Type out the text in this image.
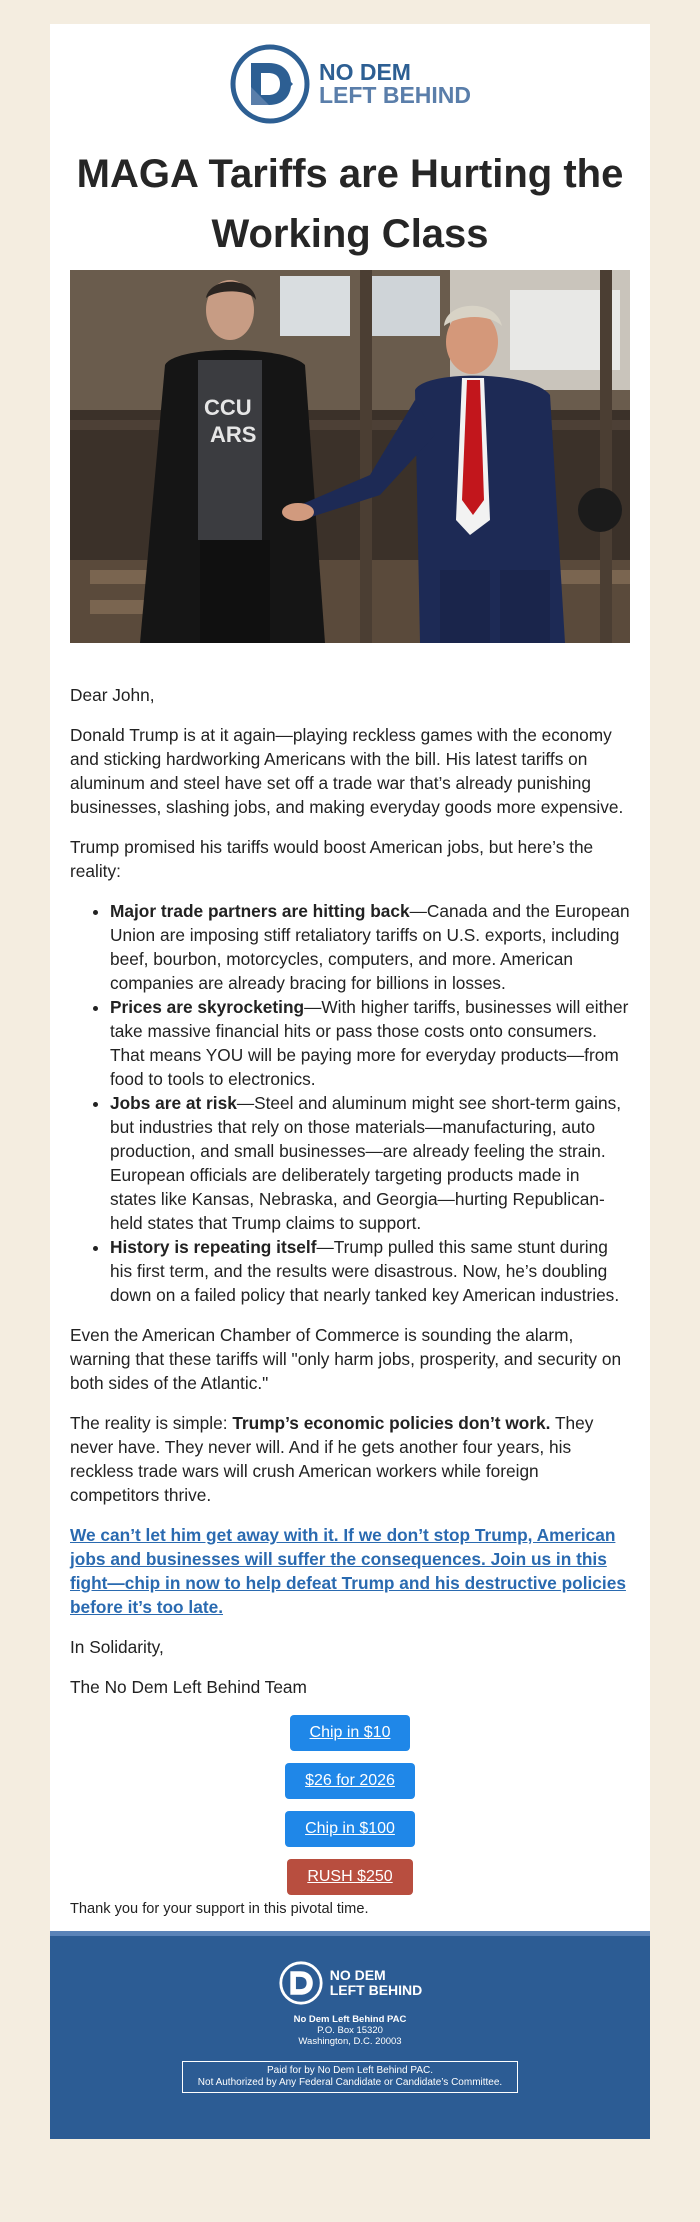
NO DEM
LEFT BEHIND
MAGA Tariffs are Hurting the Working Class
CCU
ARS

Dear John,

Donald Trump is at it again—playing reckless games with the economy and sticking hardworking Americans with the bill. His latest tariffs on aluminum and steel have set off a trade war that’s already punishing businesses, slashing jobs, and making everyday goods more expensive.

Trump promised his tariffs would boost American jobs, but here’s the reality:

• Major trade partners are hitting back—Canada and the European Union are imposing stiff retaliatory tariffs on U.S. exports, including beef, bourbon, motorcycles, computers, and more. American companies are already bracing for billions in losses.
• Prices are skyrocketing—With higher tariffs, businesses will either take massive financial hits or pass those costs onto consumers. That means YOU will be paying more for everyday products—from food to tools to electronics.
• Jobs are at risk—Steel and aluminum might see short-term gains, but industries that rely on those materials—manufacturing, auto production, and small businesses—are already feeling the strain. European officials are deliberately targeting products made in states like Kansas, Nebraska, and Georgia—hurting Republican-held states that Trump claims to support.
• History is repeating itself—Trump pulled this same stunt during his first term, and the results were disastrous. Now, he’s doubling down on a failed policy that nearly tanked key American industries.

Even the American Chamber of Commerce is sounding the alarm, warning that these tariffs will "only harm jobs, prosperity, and security on both sides of the Atlantic."

The reality is simple: Trump’s economic policies don’t work. They never have. They never will. And if he gets another four years, his reckless trade wars will crush American workers while foreign competitors thrive.

We can’t let him get away with it. If we don’t stop Trump, American jobs and businesses will suffer the consequences. Join us in this fight—chip in now to help defeat Trump and his destructive policies before it’s too late.

In Solidarity,

The No Dem Left Behind Team

Chip in $10
$26 for 2026
Chip in $100
RUSH $250
Thank you for your support in this pivotal time.
NO DEM
LEFT BEHIND
No Dem Left Behind PAC
P.O. Box 15320
Washington, D.C. 20003
Paid for by No Dem Left Behind PAC.
Not Authorized by Any Federal Candidate or Candidate’s Committee.
